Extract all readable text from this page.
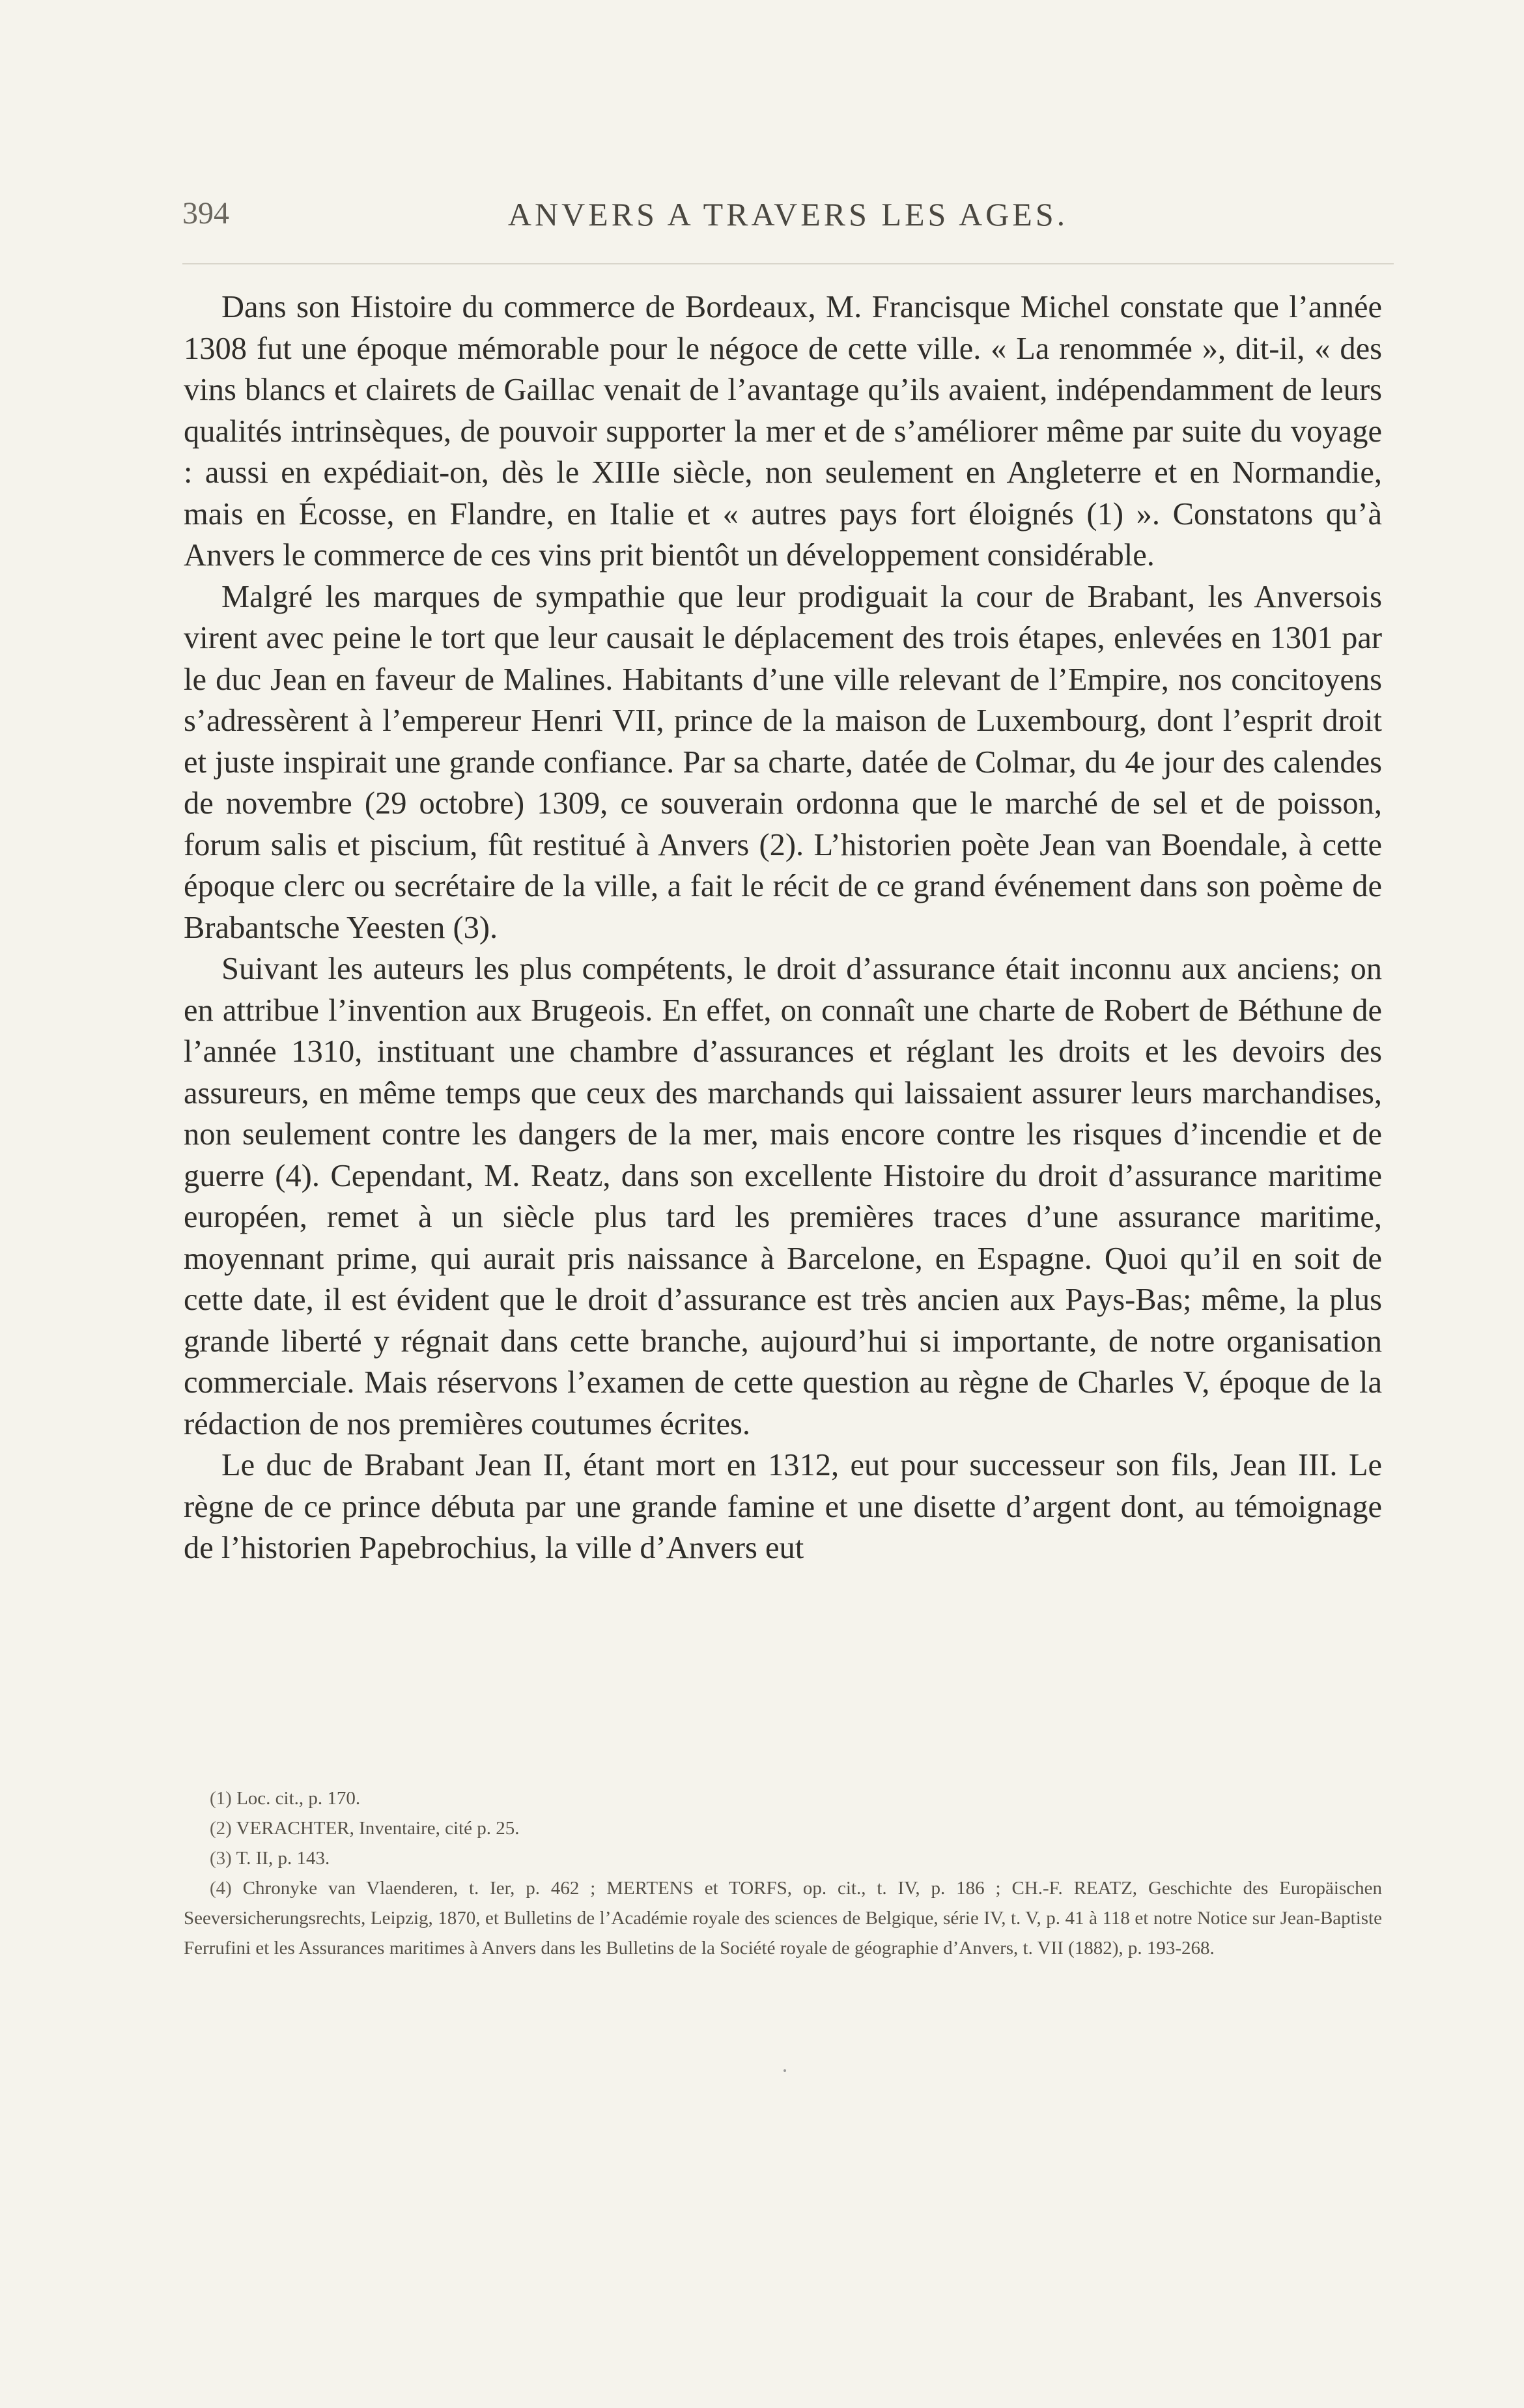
394	ANVERS A TRAVERS LES AGES.

Dans son Histoire du commerce de Bordeaux, M. Francisque Michel constate que l’année 1308 fut une époque mémorable pour le négoce de cette ville. « La renommée », dit-il, « des vins blancs et clairets de Gaillac venait de l’avantage qu’ils avaient, indépendamment de leurs qualités intrinsèques, de pouvoir supporter la mer et de s’améliorer même par suite du voyage : aussi en expédiait-on, dès le XIIIe siècle, non seulement en Angleterre et en Normandie, mais en Écosse, en Flandre, en Italie et « autres pays fort éloignés (1) ». Constatons qu’à Anvers le commerce de ces vins prit bientôt un développement considérable.

Malgré les marques de sympathie que leur prodiguait la cour de Brabant, les Anversois virent avec peine le tort que leur causait le déplacement des trois étapes, enlevées en 1301 par le duc Jean en faveur de Malines. Habitants d’une ville relevant de l’Empire, nos concitoyens s’adressèrent à l’empereur Henri VII, prince de la maison de Luxembourg, dont l’esprit droit et juste inspirait une grande confiance. Par sa charte, datée de Colmar, du 4e jour des calendes de novembre (29 octobre) 1309, ce souverain ordonna que le marché de sel et de poisson, forum salis et piscium, fût restitué à Anvers (2). L’historien poète Jean van Boendale, à cette époque clerc ou secrétaire de la ville, a fait le récit de ce grand événement dans son poème de Brabantsche Yeesten (3).

Suivant les auteurs les plus compétents, le droit d’assurance était inconnu aux anciens; on en attribue l’invention aux Brugeois. En effet, on connaît une charte de Robert de Béthune de l’année 1310, instituant une chambre d’assurances et réglant les droits et les devoirs des assureurs, en même temps que ceux des marchands qui laissaient assurer leurs marchandises, non seulement contre les dangers de la mer, mais encore contre les risques d’incendie et de guerre (4). Cependant, M. Reatz, dans son excellente Histoire du droit d’assurance maritime européen, remet à un siècle plus tard les premières traces d’une assurance maritime, moyennant prime, qui aurait pris naissance à Barcelone, en Espagne. Quoi qu’il en soit de cette date, il est évident que le droit d’assurance est très ancien aux Pays-Bas; même, la plus grande liberté y régnait dans cette branche, aujourd’hui si importante, de notre organisation commerciale. Mais réservons l’examen de cette question au règne de Charles V, époque de la rédaction de nos premières coutumes écrites.

Le duc de Brabant Jean II, étant mort en 1312, eut pour successeur son fils, Jean III. Le règne de ce prince débuta par une grande famine et une disette d’argent dont, au témoignage de l’historien Papebrochius, la ville d’Anvers eut

(1) Loc. cit., p. 170.

(2) VERACHTER, Inventaire, cité p. 25.

(3) T. II, p. 143.

(4) Chronyke van Vlaenderen, t. Ier, p. 462 ; MERTENS et TORFS, op. cit., t. IV, p. 186 ; CH.-F. REATZ, Geschichte des Europäischen Seeversicherungsrechts, Leipzig, 1870, et Bulletins de l’Académie royale des sciences de Belgique, série IV, t. V, p. 41 à 118 et notre Notice sur Jean-Baptiste Ferrufini et les Assurances maritimes à Anvers dans les Bulletins de la Société royale de géographie d’Anvers, t. VII (1882), p. 193-268.
